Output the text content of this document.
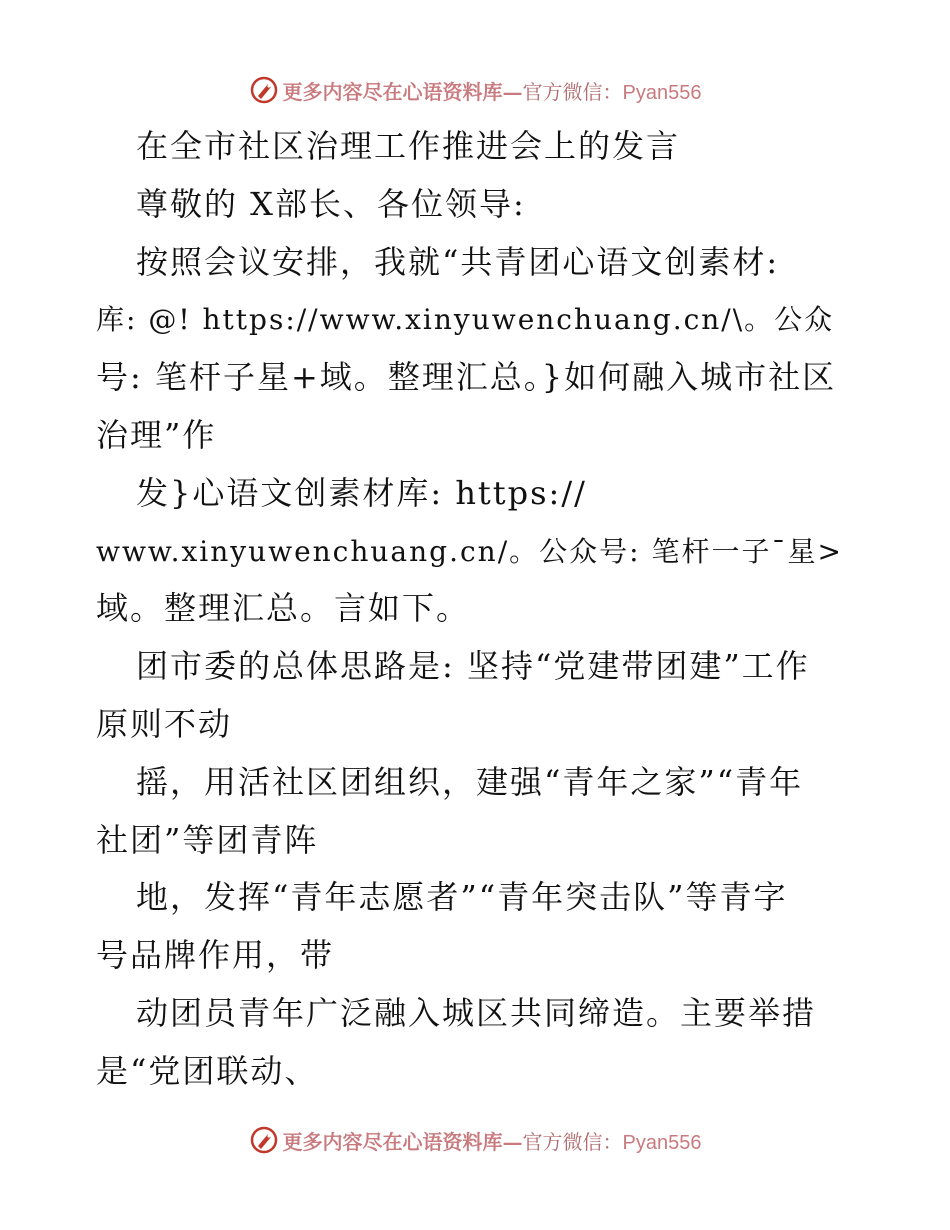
更多内容尽在心语资料库—官方微信：Pyan556

在全市社区治理工作推进会上的发言

尊敬的 X部长、各位领导:

按照会议安排，我就“共青团心语文创素材:

库: @! https://www.xinyuwenchuang.cn/\。公众

号: 笔杆子星+域。整理汇总。}如何融入城市社区

治理”作

发}心语文创素材库: https://

www.xinyuwenchuang.cn/。公众号: 笔杆一子¯星>

域。整理汇总。言如下。

团市委的总体思路是: 坚持“党建带团建”工作

原则不动

摇，用活社区团组织，建强“青年之家”“青年

社团”等团青阵

地，发挥“青年志愿者”“青年突击队”等青字

号品牌作用，带

动团员青年广泛融入城区共同缔造。主要举措

是“党团联动、

更多内容尽在心语资料库—官方微信：Pyan556
